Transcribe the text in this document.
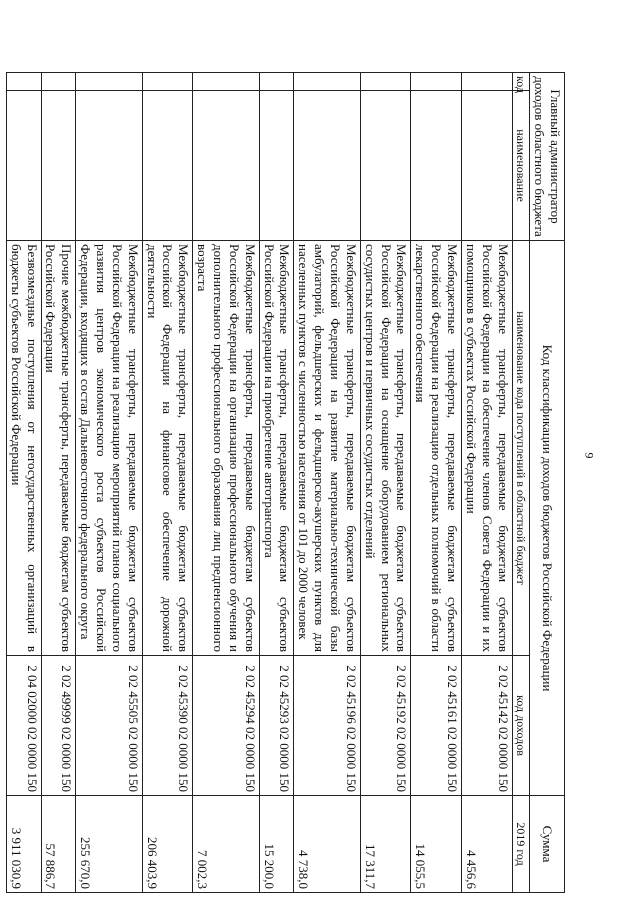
9
Главный администратор доходов областного бюджета		Код классификации доходов бюджетов Российской Федерации		Сумма
код	наименование	наименование кода поступлений в областной бюджет	код доходов	2019 год
		Межбюджетные трансферты, передаваемые бюджетам субъектов Российской Федерации на обеспечение членов Совета Федерации и их помощников в субъектах Российской Федерации	2 02 45142 02 0000 150	4 456,6
		Межбюджетные трансферты, передаваемые бюджетам субъектов Российской Федерации на реализацию отдельных полномочий в области лекарственного обеспечения	2 02 45161 02 0000 150	14 055,5
		Межбюджетные трансферты, передаваемые бюджетам субъектов Российской Федерации на оснащение оборудованием региональных сосудистых центров и первичных сосудистых отделений	2 02 45192 02 0000 150	17 311,7
		Межбюджетные трансферты, передаваемые бюджетам субъектов Российской Федерации на развитие материально-технической базы амбулаторий, фельдшерских и фельдшерско-акушерских пунктов для населенных пунктов с численностью населения от 101 до 2000 человек	2 02 45196 02 0000 150	4 738,0
		Межбюджетные трансферты, передаваемые бюджетам субъектов Российской Федерации на приобретение автотранспорта	2 02 45293 02 0000 150	15 200,0
		Межбюджетные трансферты, передаваемые бюджетам субъектов Российской Федерации на организацию профессионального обучения и дополнительного профессионального образования лиц предпенсионного возраста	2 02 45294 02 0000 150	7 002,3
		Межбюджетные трансферты, передаваемые бюджетам субъектов Российской Федерации на финансовое обеспечение дорожной деятельности	2 02 45390 02 0000 150	206 403,9
		Межбюджетные трансферты, передаваемые бюджетам субъектов Российской Федерации на реализацию мероприятий планов социального развития центров экономического роста субъектов Российской Федерации, входящих в состав Дальневосточного федерального округа	2 02 45505 02 0000 150	255 670,0
		Прочие межбюджетные трансферты, передаваемые бюджетам субъектов Российской Федерации	2 02 49999 02 0000 150	57 886,7
		Безвозмездные поступления от негосударственных организаций в бюджеты субъектов Российской Федерации	2 04 02000 02 0000 150	3 911 030,9
